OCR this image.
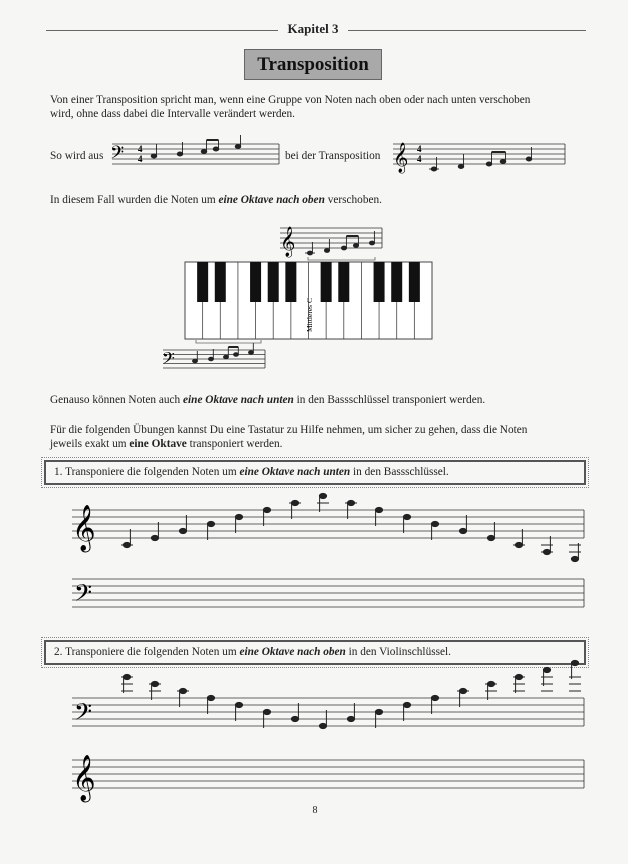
Kapitel 3
Transposition
Von einer Transposition spricht man, wenn eine Gruppe von Noten nach oben oder nach unten verschoben
wird, ohne dass dabei die Intervalle verändert werden.
So wird aus 𝄢 4
4	bei der Transposition 𝄞 4
4
In diesem Fall wurden die Noten um eine Oktave nach oben verschoben.
𝄞
Mittleres C
𝄢
Genauso können Noten auch eine Oktave nach unten in den Bassschlüssel transponiert werden.
Für die folgenden Übungen kannst Du eine Tastatur zu Hilfe nehmen, um sicher zu gehen, dass die Noten
jeweils exakt um eine Oktave transponiert werden.
1. Transponiere die folgenden Noten um eine Oktave nach unten in den Bassschlüssel.
𝄞
𝄢
2. Transponiere die folgenden Noten um eine Oktave nach oben in den Violinschlüssel.
𝄢
𝄞
8
